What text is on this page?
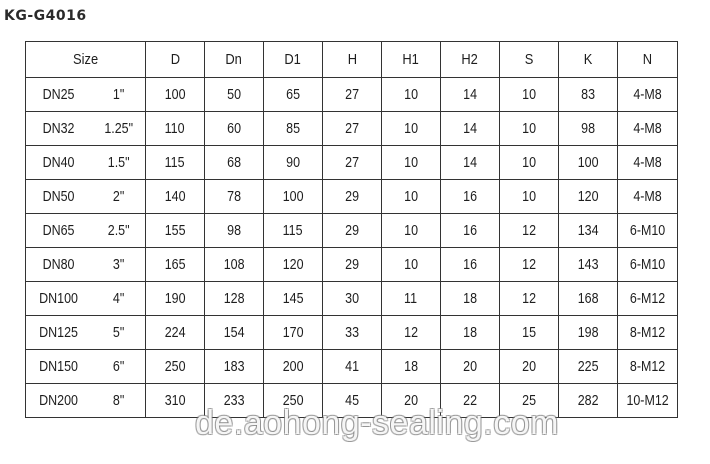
KG-G4016
Size		D	Dn	D1	H	H1	H2	S	K	N
DN25	1"	100	50	65	27	10	14	10	83	4-M8
DN32	1.25"	110	60	85	27	10	14	10	98	4-M8
DN40	1.5"	115	68	90	27	10	14	10	100	4-M8
DN50	2"	140	78	100	29	10	16	10	120	4-M8
DN65	2.5"	155	98	115	29	10	16	12	134	6-M10
DN80	3"	165	108	120	29	10	16	12	143	6-M10
DN100	4"	190	128	145	30	11	18	12	168	6-M12
DN125	5"	224	154	170	33	12	18	15	198	8-M12
DN150	6"	250	183	200	41	18	20	20	225	8-M12
DN200	8"	310	233	250	45	20	22	25	282	10-M12
de.aohong-sealing.com
